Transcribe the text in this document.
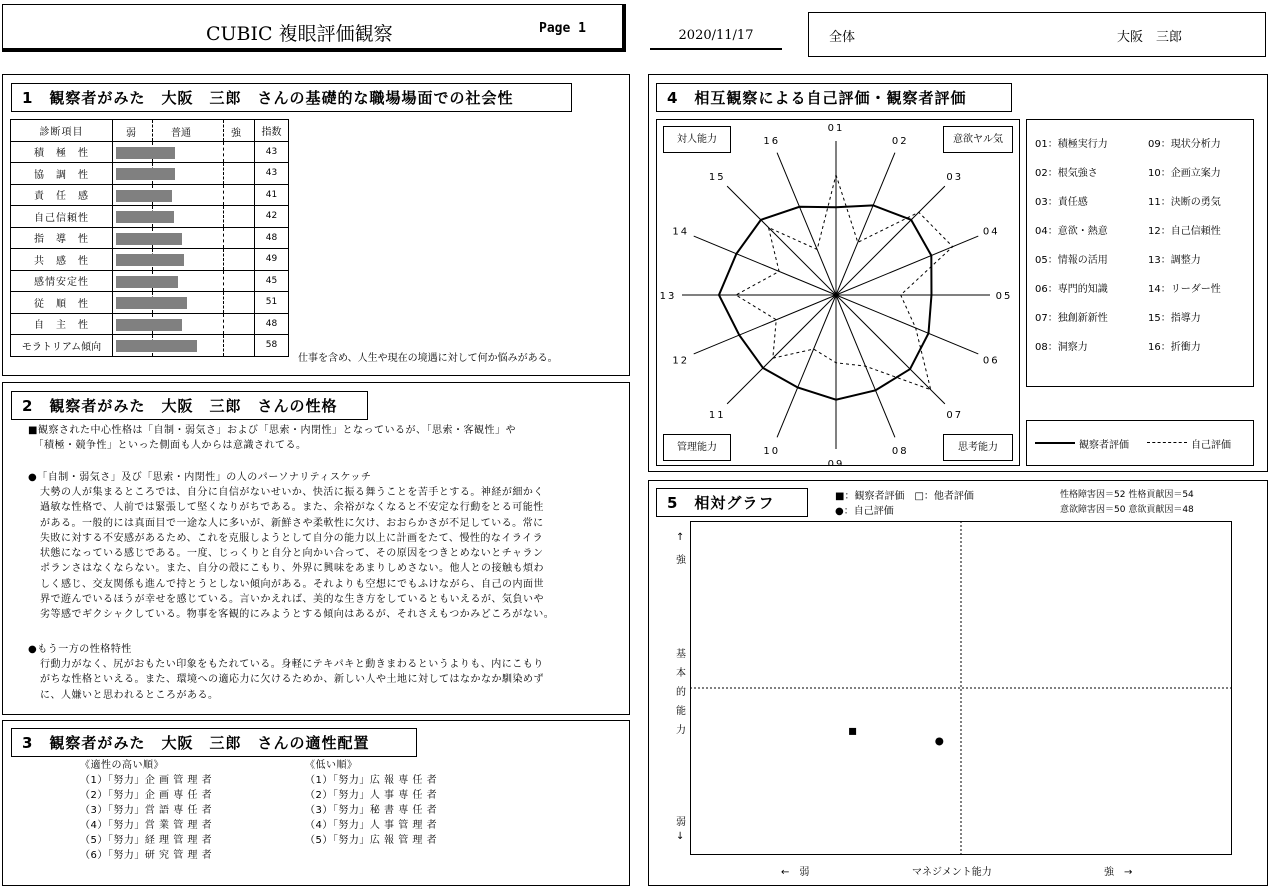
CUBIC 複眼評価観察	Page 1	2020/11/17	全体	大阪　三郎
1　観察者がみた　大阪　三郎　さんの基礎的な職場場面での社会性
診断項目	弱 普通 強	指数
積　極　性		43
協　調　性		43
責　任　感		41
自己信頼性		42
指　導　性		48
共　感　性		49
感情安定性		45
従　順　性		51
自　主　性		48
モラトリアム傾向		58
仕事を含め、人生や現在の境遇に対して何か悩みがある。
2　観察者がみた　大阪　三郎　さんの性格
■観察された中心性格は「自制・弱気さ」および「思索・内閉性」となっているが、「思索・客観性」や
　「積極・競争性」といった側面も人からは意識されてる。
●「自制・弱気さ」及び「思索・内閉性」の人のパーソナリティスケッチ
大勢の人が集まるところでは、自分に自信がないせいか、快活に振る舞うことを苦手とする。神経が細かく
過敏な性格で、人前では緊張して堅くなりがちである。また、余裕がなくなると不安定な行動をとる可能性
がある。一般的には真面目で一途な人に多いが、新鮮さや柔軟性に欠け、おおらかさが不足している。常に
失敗に対する不安感があるため、これを克服しようとして自分の能力以上に計画をたて、慢性的なイライラ
状態になっている感じである。一度、じっくりと自分と向かい合って、その原因をつきとめないとチャラン
ポランさはなくならない。また、自分の殻にこもり、外界に興味をあまりしめさない。他人との接触も煩わ
しく感じ、交友関係も進んで持とうとしない傾向がある。それよりも空想にでもふけながら、自己の内面世
界で遊んでいるほうが幸せを感じている。言いかえれば、美的な生き方をしているともいえるが、気負いや
劣等感でギクシャクしている。物事を客観的にみようとする傾向はあるが、それさえもつかみどころがない。
●もう一方の性格特性
行動力がなく、尻がおもたい印象をもたれている。身軽にテキパキと動きまわるというよりも、内にこもり
がちな性格といえる。また、環境への適応力に欠けるためか、新しい人や土地に対してはなかなか馴染めず
に、人嫌いと思われるところがある。
3　観察者がみた　大阪　三郎　さんの適性配置
《適性の高い順》
（1）「努力」企 画 管 理 者
（2）「努力」企 画 専 任 者
（3）「努力」営 語 専 任 者
（4）「努力」営 業 管 理 者
（5）「努力」経 理 管 理 者
（6）「努力」研 究 管 理 者
《低い順》
（1）「努力」広 報 専 任 者
（2）「努力」人 事 専 任 者
（3）「努力」秘 書 専 任 者
（4）「努力」人 事 管 理 者
（5）「努力」広 報 管 理 者
4　相互観察による自己評価・観察者評価
01
02
03
04
05
06
07
08
09
10
11
12
13
14
15
16
対人能力	意欲ヤル気
管理能力	思考能力
01：積極実行力
02：根気強さ
03：責任感
04：意欲・熱意
05：情報の活用
06：専門的知識
07：独創新新性
08：洞察力
09：現状分析力
10：企画立案力
11：決断の勇気
12：自己信頼性
13：調整力
14：リーダー性
15：指導力
16：折衝力
観察者評価	自己評価
5　相対グラフ	■：観察者評価　□：他者評価
●：自己評価
性格障害因＝52 性格貢献因＝54
意欲障害因＝50 意欲貢献因＝48
↑
強
基
本
的
能
力
弱
↓
←　弱	マネジメント能力	強　→
